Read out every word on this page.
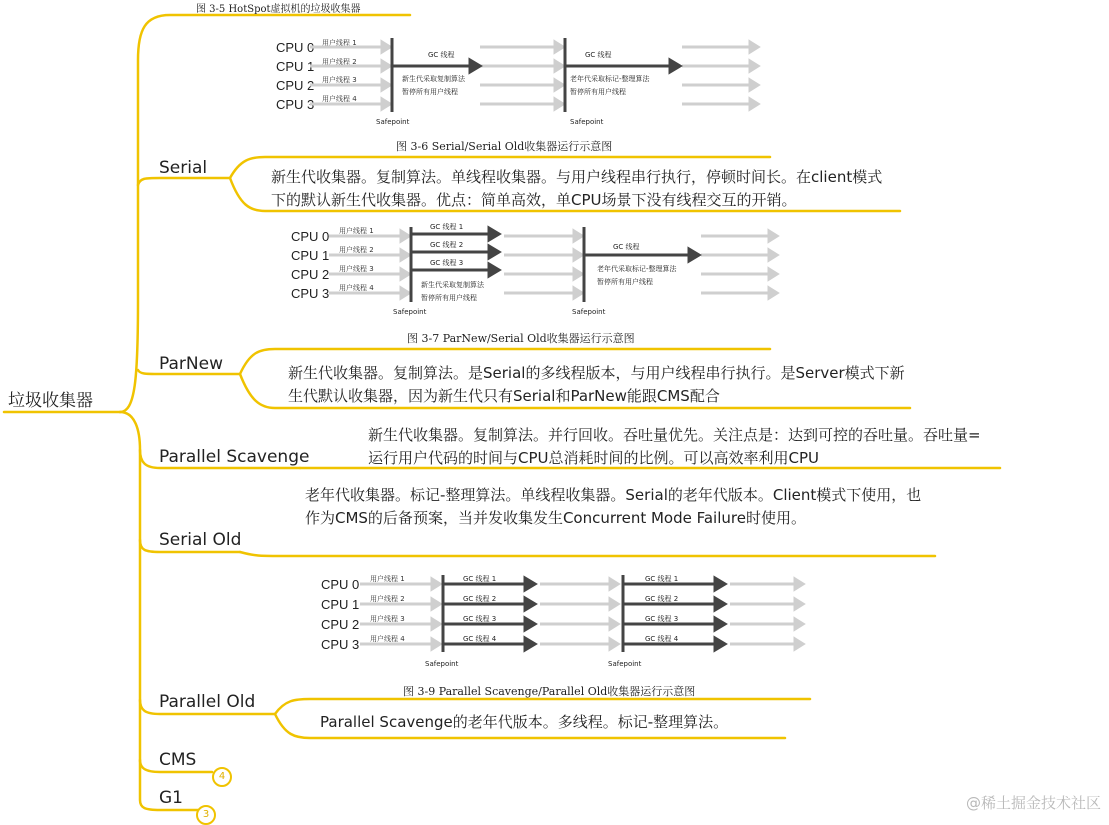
垃圾收集器
图 3-5 HotSpot虚拟机的垃圾收集器
CPU 0
CPU 1
CPU 2
CPU 3
用户线程 1
用户线程 2
用户线程 3
用户线程 4
GC 线程
新生代采取复制算法
暂停所有用户线程
GC 线程
老年代采取标记-整理算法
暂停所有用户线程
Safepoint	Safepoint
图 3-6 Serial/Serial Old收集器运行示意图
Serial	新生代收集器。复制算法。单线程收集器。与用户线程串行执行，停顿时间长。在client模式下的默认新生代收集器。优点：简单高效，单CPU场景下没有线程交互的开销。
CPU 0
CPU 1
CPU 2
CPU 3
用户线程 1
用户线程 2
用户线程 3
用户线程 4
GC 线程 1
GC 线程 2
GC 线程 3
新生代采取复制算法
暂停所有用户线程
GC 线程
老年代采取标记-整理算法
暂停所有用户线程
Safepoint	Safepoint
图 3-7 ParNew/Serial Old收集器运行示意图
ParNew	新生代收集器。复制算法。是Serial的多线程版本，与用户线程串行执行。是Server模式下新生代默认收集器，因为新生代只有Serial和ParNew能跟CMS配合
Parallel Scavenge
新生代收集器。复制算法。并行回收。吞吐量优先。关注点是：达到可控的吞吐量。吞吐量=运行用户代码的时间与CPU总消耗时间的比例。可以高效率利用CPU
Serial Old
老年代收集器。标记-整理算法。单线程收集器。Serial的老年代版本。Client模式下使用，也作为CMS的后备预案，当并发收集发生Concurrent Mode Failure时使用。
CPU 0
CPU 1
CPU 2
CPU 3
用户线程 1
用户线程 2
用户线程 3
用户线程 4
GC 线程 1
GC 线程 2
GC 线程 3
GC 线程 4
GC 线程 1
GC 线程 2
GC 线程 3
GC 线程 4
Safepoint	Safepoint
图 3-9 Parallel Scavenge/Parallel Old收集器运行示意图
Parallel Old
Parallel Scavenge的老年代版本。多线程。标记-整理算法。
CMS
4
G1
3
@稀土掘金技术社区
